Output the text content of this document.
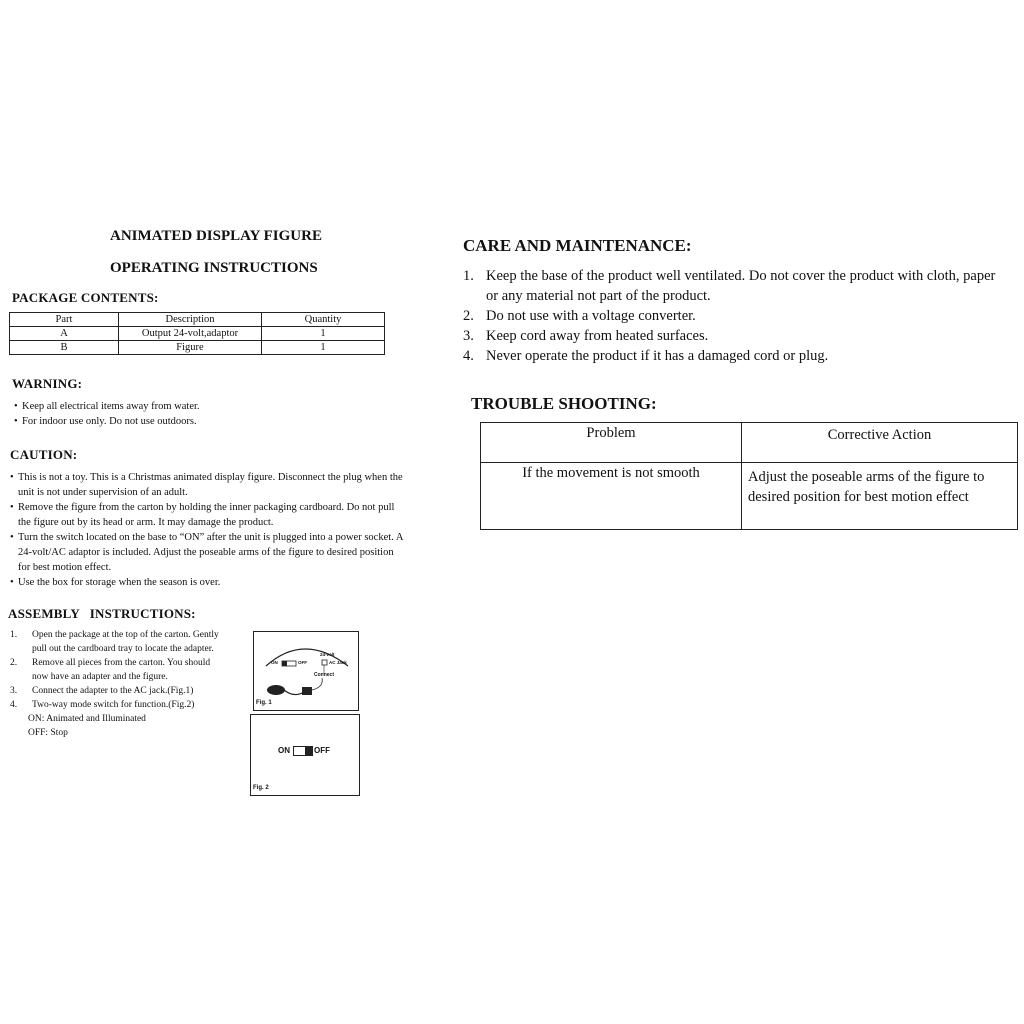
ANIMATED DISPLAY FIGURE
OPERATING INSTRUCTIONS
PACKAGE CONTENTS:
Part	Description	Quantity
A	Output 24-volt,adaptor	1
B	Figure	1
WARNING:
• Keep all electrical items away from water.
• For indoor use only. Do not use outdoors.
CAUTION:
• This is not a toy. This is a Christmas animated display figure. Disconnect the plug when the unit is not under supervision of an adult.
• Remove the figure from the carton by holding the inner packaging cardboard. Do not pull the figure out by its head or arm. It may damage the product.
• Turn the switch located on the base to “ON” after the unit is plugged into a power socket. A 24-volt/AC adaptor is included. Adjust the poseable arms of the figure to desired position for best motion effect.
• Use the box for storage when the season is over.
ASSEMBLY   INSTRUCTIONS:
1. Open the package at the top of the carton. Gently pull out the cardboard tray to locate the adapter.
2. Remove all pieces from the carton. You should now have an adapter and the figure.
3. Connect the adapter to the AC jack.(Fig.1)
4. Two-way mode switch for function.(Fig.2)
ON: Animated and Illuminated
OFF: Stop
ON	OFF
24-volt
AC Jack
Connect
Fig. 1
ON	OFF
Fig. 2
CARE AND MAINTENANCE:
1. Keep the base of the product well ventilated. Do not cover the product with cloth, paper or any material not part of the product.
2. Do not use with a voltage converter.
3. Keep cord away from heated surfaces.
4. Never operate the product if it has a damaged cord or plug.
TROUBLE SHOOTING:
Problem	Corrective Action
If the movement is not smooth	Adjust the poseable arms of the figure to desired position for best motion effect
